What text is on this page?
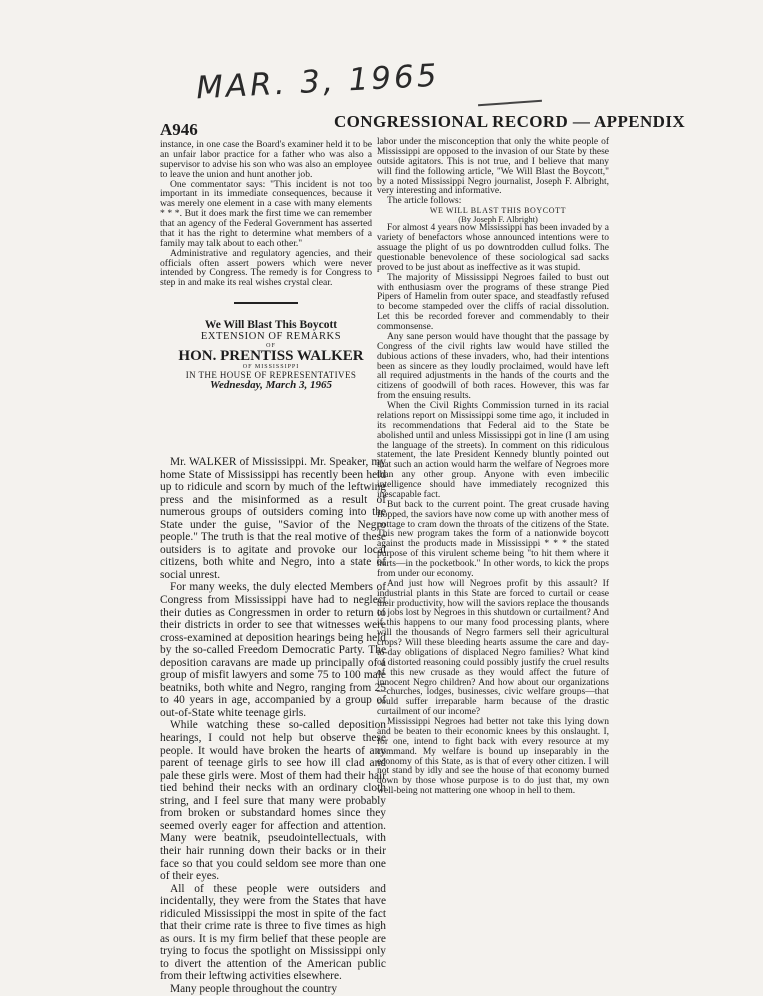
MAR. 3, 1965
A946	CONGRESSIONAL RECORD — APPENDIX

instance, in one case the Board's examiner held it to be an unfair labor practice for a father who was also a supervisor to advise his son who was also an employee to leave the union and hunt another job.

One commentator says: "This incident is not too important in its immediate consequences, because it was merely one element in a case with many elements * * *. But it does mark the first time we can remember that an agency of the Federal Government has asserted that it has the right to determine what members of a family may talk about to each other."

Administrative and regulatory agencies, and their officials often assert powers which were never intended by Congress. The remedy is for Congress to step in and make its real wishes crystal clear.

We Will Blast This Boycott

EXTENSION OF REMARKS

OF

HON. PRENTISS WALKER

OF MISSISSIPPI

IN THE HOUSE OF REPRESENTATIVES

Wednesday, March 3, 1965

Mr. WALKER of Mississippi. Mr. Speaker, my home State of Mississippi has recently been held up to ridicule and scorn by much of the leftwing press and the misinformed as a result of numerous groups of outsiders coming into the State under the guise, "Savior of the Negro people." The truth is that the real motive of these outsiders is to agitate and provoke our local citizens, both white and Negro, into a state of social unrest.

For many weeks, the duly elected Members of Congress from Mississippi have had to neglect their duties as Congressmen in order to return to their districts in order to see that witnesses were cross-examined at deposition hearings being held by the so-called Freedom Democratic Party. The deposition caravans are made up principally of a group of misfit lawyers and some 75 to 100 male beatniks, both white and Negro, ranging from 25 to 40 years in age, accompanied by a group of out-of-State white teenage girls.

While watching these so-called deposition hearings, I could not help but observe these people. It would have broken the hearts of any parent of teenage girls to see how ill clad and pale these girls were. Most of them had their hair tied behind their necks with an ordinary cloth string, and I feel sure that many were probably from broken or substandard homes since they seemed overly eager for affection and attention. Many were beatnik, pseudointellectuals, with their hair running down their backs or in their face so that you could seldom see more than one of their eyes.

All of these people were outsiders and incidentally, they were from the States that have ridiculed Mississippi the most in spite of the fact that their crime rate is three to five times as high as ours. It is my firm belief that these people are trying to focus the spotlight on Mississippi only to divert the attention of the American public from their leftwing activities elsewhere.

Many people throughout the country

labor under the misconception that only the white people of Mississippi are opposed to the invasion of our State by these outside agitators. This is not true, and I believe that many will find the following article, "We Will Blast the Boycott," by a noted Mississippi Negro journalist, Joseph F. Albright, very interesting and informative.

The article follows:

WE WILL BLAST THIS BOYCOTT

(By Joseph F. Albright)

For almost 4 years now Mississippi has been invaded by a variety of benefactors whose announced intentions were to assuage the plight of us po downtrodden cullud folks. The questionable benevolence of these sociological sad sacks proved to be just about as ineffective as it was stupid.

The majority of Mississippi Negroes failed to bust out with enthusiasm over the programs of these strange Pied Pipers of Hamelin from outer space, and steadfastly refused to become stampeded over the cliffs of racial dissolution. Let this be recorded forever and commendably to their commonsense.

Any sane person would have thought that the passage by Congress of the civil rights law would have stilled the dubious actions of these invaders, who, had their intentions been as sincere as they loudly proclaimed, would have left all required adjustments in the hands of the courts and the citizens of goodwill of both races. However, this was far from the ensuing results.

When the Civil Rights Commission turned in its racial relations report on Mississippi some time ago, it included in its recommendations that Federal aid to the State be abolished until and unless Mississippi got in line (I am using the language of the streets). In comment on this ridiculous statement, the late President Kennedy bluntly pointed out that such an action would harm the welfare of Negroes more than any other group. Anyone with even imbecilic intelligence should have immediately recognized this inescapable fact.

But back to the current point. The great crusade having flopped, the saviors have now come up with another mess of pottage to cram down the throats of the citizens of the State. This new program takes the form of a nationwide boycott against the products made in Mississippi * * * the stated purpose of this virulent scheme being "to hit them where it hurts—in the pocketbook." In other words, to kick the props from under our economy.

And just how will Negroes profit by this assault? If industrial plants in this State are forced to curtail or cease their productivity, how will the saviors replace the thousands of jobs lost by Negroes in this shutdown or curtailment? And if this happens to our many food processing plants, where will the thousands of Negro farmers sell their agricultural crops? Will these bleeding hearts assume the care and day-to-day obligations of displaced Negro families? What kind of distorted reasoning could possibly justify the cruel results of this new crusade as they would affect the future of innocent Negro children? And how about our organizations—churches, lodges, businesses, civic welfare groups—that could suffer irreparable harm because of the drastic curtailment of our income?

Mississippi Negroes had better not take this lying down and be beaten to their economic knees by this onslaught. I, for one, intend to fight back with every resource at my command. My welfare is bound up inseparably in the economy of this State, as is that of every other citizen. I will not stand by idly and see the house of that economy burned down by those whose purpose is to do just that, my own well-being not mattering one whoop in hell to them.
